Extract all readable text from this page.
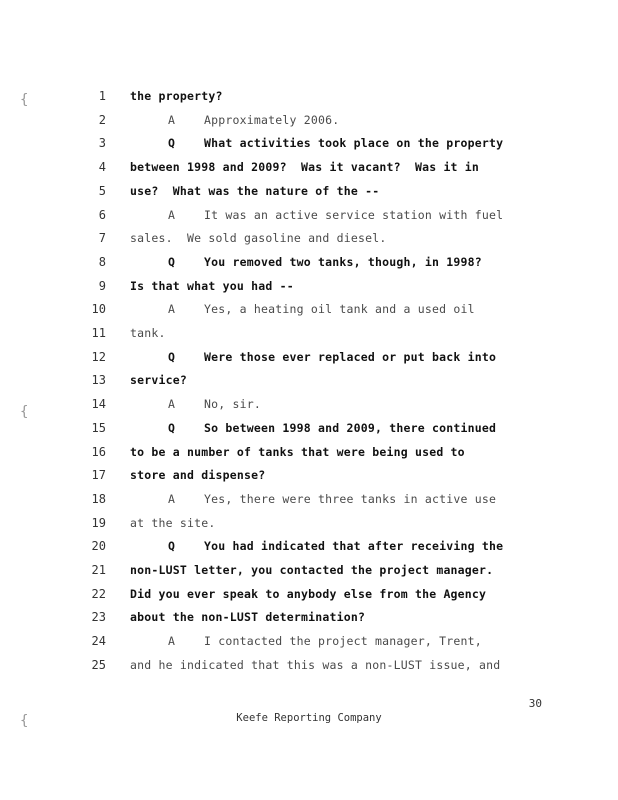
{
{
{
1 the property?
2	A	Approximately 2006.
3	Q	What activities took place on the property
4 between 1998 and 2009?  Was it vacant?  Was it in
5 use?  What was the nature of the --
6	A	It was an active service station with fuel
7 sales.  We sold gasoline and diesel.
8	Q	You removed two tanks, though, in 1998?
9 Is that what you had --
10	A	Yes, a heating oil tank and a used oil
11 tank.
12	Q	Were those ever replaced or put back into
13 service?
14	A	No, sir.
15	Q	So between 1998 and 2009, there continued
16 to be a number of tanks that were being used to
17 store and dispense?
18	A	Yes, there were three tanks in active use
19 at the site.
20	Q	You had indicated that after receiving the
21 non-LUST letter, you contacted the project manager.
22 Did you ever speak to anybody else from the Agency
23 about the non-LUST determination?
24	A	I contacted the project manager, Trent,
25 and he indicated that this was a non-LUST issue, and
30
Keefe Reporting Company
